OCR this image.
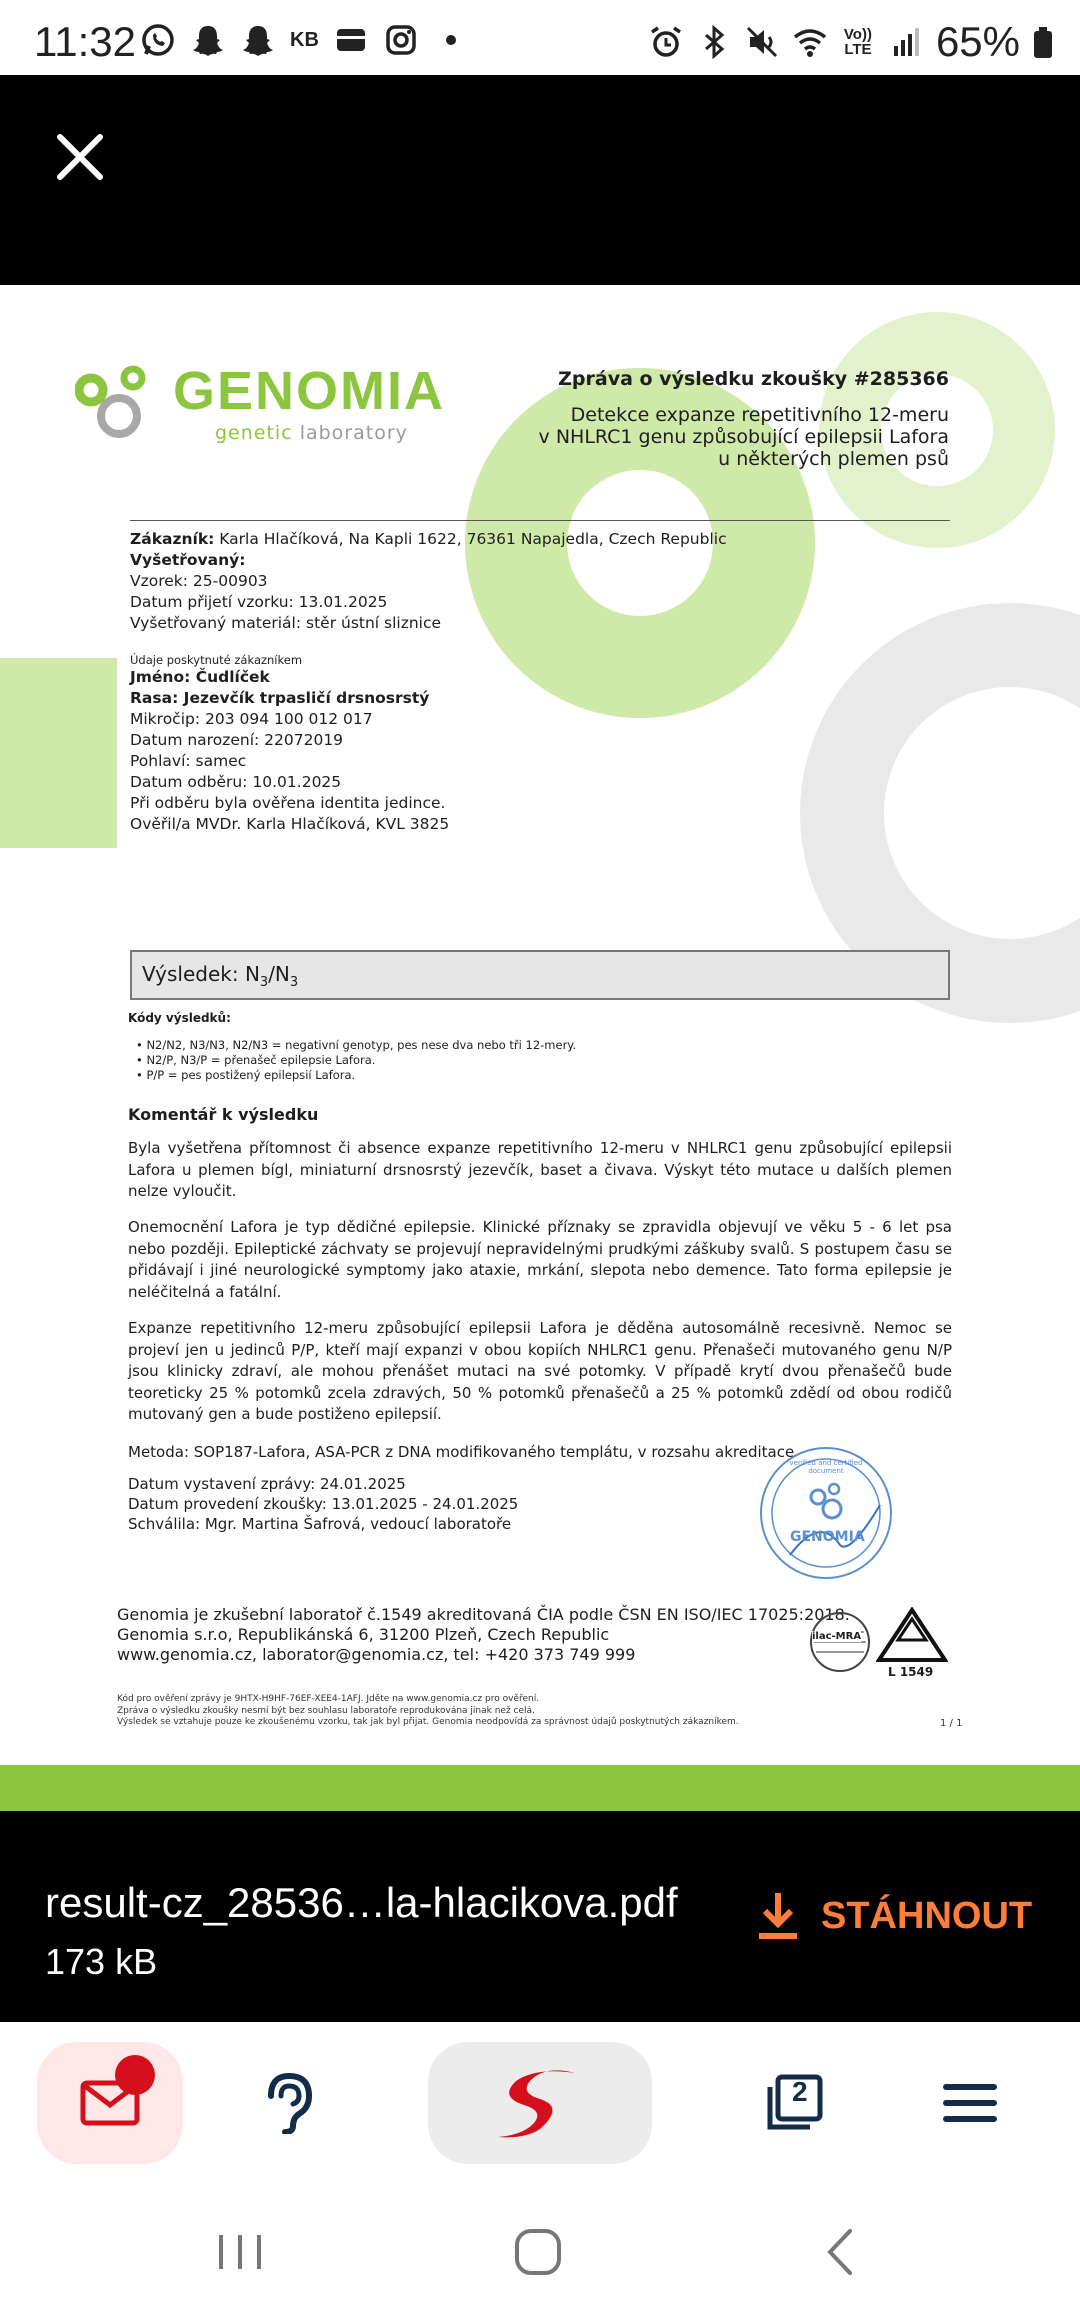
11:32	KB	Vo)) LTE 65%
GENOMIA
genetic laboratory
Zpráva o výsledku zkoušky #285366
Detekce expanze repetitivního 12-meru
v NHLRC1 genu způsobující epilepsii Lafora
u některých plemen psů
Zákazník: Karla Hlačíková, Na Kapli 1622, 76361 Napajedla, Czech Republic
Vyšetřovaný:
Vzorek: 25-00903
Datum přijetí vzorku: 13.01.2025
Vyšetřovaný materiál: stěr ústní sliznice
Údaje poskytnuté zákazníkem
Jméno: Čudlíček
Rasa: Jezevčík trpasličí drsnosrstý
Mikročip: 203 094 100 012 017
Datum narození: 22072019
Pohlaví: samec
Datum odběru: 10.01.2025
Při odběru byla ověřena identita jedince.
Ověřil/a MVDr. Karla Hlačíková, KVL 3825
Výsledek: $N_3/N_3$
Kódy výsledků:
• N2/N2, N3/N3, N2/N3 = negativní genotyp, pes nese dva nebo tři 12-mery.
• N2/P, N3/P = přenašeč epilepsie Lafora.
• P/P = pes postižený epilepsií Lafora.
Komentář k výsledku

Byla vyšetřena přítomnost či absence expanze repetitivního 12-meru v NHLRC1 genu způsobující epilepsii Lafora u plemen bígl, miniaturní drsnosrstý jezevčík, baset a čivava. Výskyt této mutace u dalších plemen nelze vyloučit.

Onemocnění Lafora je typ dědičné epilepsie. Klinické příznaky se zpravidla objevují ve věku 5 - 6 let psa nebo později. Epileptické záchvaty se projevují nepravidelnými prudkými záškuby svalů. S postupem času se přidávají i jiné neurologické symptomy jako ataxie, mrkání, slepota nebo demence. Tato forma epilepsie je neléčitelná a fatální.

Expanze repetitivního 12-meru způsobující epilepsii Lafora je děděna autosomálně recesivně. Nemoc se projeví jen u jedinců P/P, kteří mají expanzi v obou kopiích NHLRC1 genu. Přenašeči mutovaného genu N/P jsou klinicky zdraví, ale mohou přenášet mutaci na své potomky. V případě krytí dvou přenašečů bude teoreticky 25 % potomků zcela zdravých, 50 % potomků přenašečů a 25 % potomků zdědí od obou rodičů mutovaný gen a bude postiženo epilepsií.

Metoda: SOP187-Lafora, ASA-PCR z DNA modifikovaného templátu, v rozsahu akreditace
Datum vystavení zprávy: 24.01.2025
Datum provedení zkoušky: 13.01.2025 - 24.01.2025
Schválila: Mgr. Martina Šafrová, vedoucí laboratoře
GENOMIA
verified and certified document
Genomia je zkušební laboratoř č.1549 akreditovaná ČIA podle ČSN EN ISO/IEC 17025:2018.
Genomia s.r.o, Republikánská 6, 31200 Plzeň, Czech Republic
www.genomia.cz, laborator@genomia.cz, tel: +420 373 749 999
ilac-MRA
L 1549
Kód pro ověření zprávy je 9HTX-H9HF-76EF-XEE4-1AFJ. Jděte na www.genomia.cz pro ověření.
Zpráva o výsledku zkoušky nesmí být bez souhlasu laboratoře reprodukována jinak než celá.
Výsledek se vztahuje pouze ke zkoušenému vzorku, tak jak byl přijat. Genomia neodpovídá za správnost údajů poskytnutých zákazníkem.	1 / 1
result-cz_28536…la-hlacikova.pdf
173 kB
STÁHNOUT
2
